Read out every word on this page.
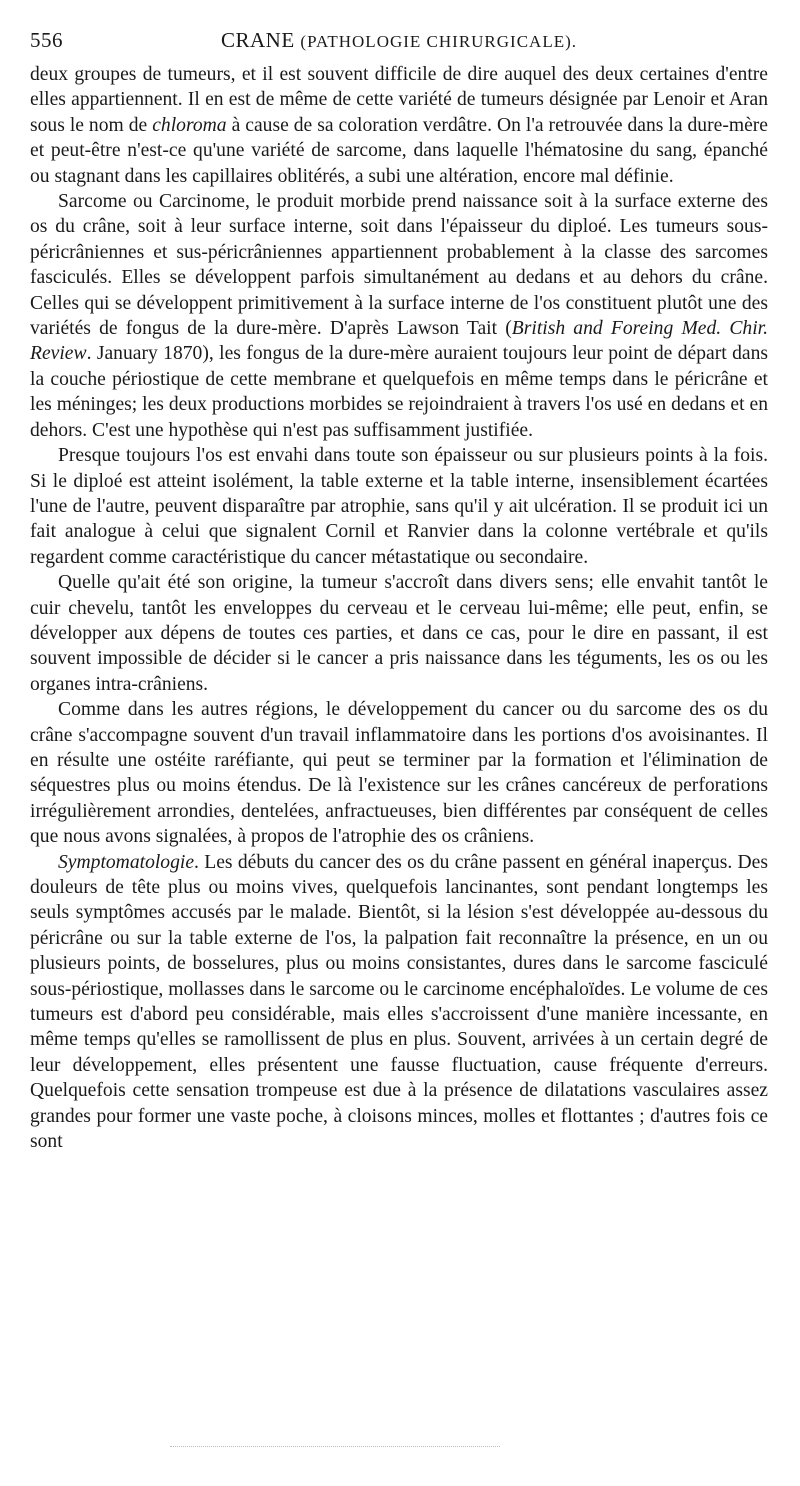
556	CRANE (PATHOLOGIE CHIRURGICALE).

deux groupes de tumeurs, et il est souvent difficile de dire auquel des deux certaines d'entre elles appartiennent. Il en est de même de cette variété de tumeurs désignée par Lenoir et Aran sous le nom de chloroma à cause de sa coloration verdâtre. On l'a retrouvée dans la dure-mère et peut-être n'est-ce qu'une variété de sarcome, dans laquelle l'hématosine du sang, épanché ou stagnant dans les capillaires oblitérés, a subi une altération, encore mal définie.

Sarcome ou Carcinome, le produit morbide prend naissance soit à la surface externe des os du crâne, soit à leur surface interne, soit dans l'épaisseur du diploé. Les tumeurs sous-péricrâniennes et sus-péricrâniennes appartiennent probablement à la classe des sarcomes fasciculés. Elles se développent parfois simultanément au dedans et au dehors du crâne. Celles qui se développent primitivement à la surface interne de l'os constituent plutôt une des variétés de fongus de la dure-mère. D'après Lawson Tait (British and Foreing Med. Chir. Review. January 1870), les fongus de la dure-mère auraient toujours leur point de départ dans la couche périostique de cette membrane et quelquefois en même temps dans le péricrâne et les méninges; les deux productions morbides se rejoindraient à travers l'os usé en dedans et en dehors. C'est une hypothèse qui n'est pas suffisamment justifiée.

Presque toujours l'os est envahi dans toute son épaisseur ou sur plusieurs points à la fois. Si le diploé est atteint isolément, la table externe et la table interne, insensiblement écartées l'une de l'autre, peuvent disparaître par atrophie, sans qu'il y ait ulcération. Il se produit ici un fait analogue à celui que signalent Cornil et Ranvier dans la colonne vertébrale et qu'ils regardent comme caractéristique du cancer métastatique ou secondaire.

Quelle qu'ait été son origine, la tumeur s'accroît dans divers sens; elle envahit tantôt le cuir chevelu, tantôt les enveloppes du cerveau et le cerveau lui-même; elle peut, enfin, se développer aux dépens de toutes ces parties, et dans ce cas, pour le dire en passant, il est souvent impossible de décider si le cancer a pris naissance dans les téguments, les os ou les organes intra-crâniens.

Comme dans les autres régions, le développement du cancer ou du sarcome des os du crâne s'accompagne souvent d'un travail inflammatoire dans les portions d'os avoisinantes. Il en résulte une ostéite raréfiante, qui peut se terminer par la formation et l'élimination de séquestres plus ou moins étendus. De là l'existence sur les crânes cancéreux de perforations irrégulièrement arrondies, dentelées, anfractueuses, bien différentes par conséquent de celles que nous avons signalées, à propos de l'atrophie des os crâniens.

Symptomatologie. Les débuts du cancer des os du crâne passent en général inaperçus. Des douleurs de tête plus ou moins vives, quelquefois lancinantes, sont pendant longtemps les seuls symptômes accusés par le malade. Bientôt, si la lésion s'est développée au-dessous du péricrâne ou sur la table externe de l'os, la palpation fait reconnaître la présence, en un ou plusieurs points, de bosselures, plus ou moins consistantes, dures dans le sarcome fasciculé sous-périostique, mollasses dans le sarcome ou le carcinome encéphaloïdes. Le volume de ces tumeurs est d'abord peu considérable, mais elles s'accroissent d'une manière incessante, en même temps qu'elles se ramollissent de plus en plus. Souvent, arrivées à un certain degré de leur développement, elles présentent une fausse fluctuation, cause fréquente d'erreurs. Quelquefois cette sensation trompeuse est due à la présence de dilatations vasculaires assez grandes pour former une vaste poche, à cloisons minces, molles et flottantes ; d'autres fois ce sont
